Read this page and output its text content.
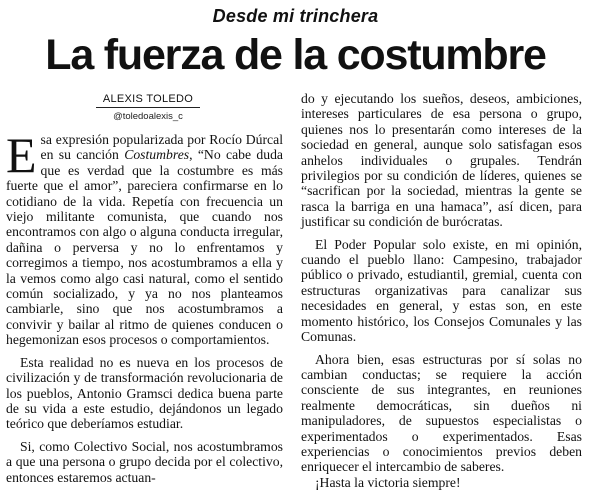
Desde mi trinchera
La fuerza de la costumbre
ALEXIS TOLEDO
@toledoalexis_c

Esa expresión popularizada por Rocío Dúrcal en su canción Costumbres, “No cabe duda que es verdad que la costumbre es más fuerte que el amor”, pareciera confirmarse en lo cotidiano de la vida. Repetía con frecuencia un viejo militante comunista, que cuando nos encontramos con algo o alguna conducta irregular, dañina o perversa y no lo enfrentamos y corregimos a tiempo, nos acostumbramos a ella y la vemos como algo casi natural, como el sentido común socializado, y ya no nos planteamos cambiarle, sino que nos acostumbramos a convivir y bailar al ritmo de quienes conducen o hegemonizan esos procesos o comportamientos.

Esta realidad no es nueva en los procesos de civilización y de transformación revolucionaria de los pueblos, Antonio Gramsci dedica buena parte de su vida a este estudio, dejándonos un legado teórico que deberíamos estudiar.

Si, como Colectivo Social, nos acostumbramos a que una persona o grupo decida por el colectivo, entonces estaremos actuan-

do y ejecutando los sueños, deseos, ambiciones, intereses particulares de esa persona o grupo, quienes nos lo presentarán como intereses de la sociedad en general, aunque solo satisfagan esos anhelos individuales o grupales. Tendrán privilegios por su condición de líderes, quienes se “sacrifican por la sociedad, mientras la gente se rasca la barriga en una hamaca”, así dicen, para justificar su condición de burócratas.

El Poder Popular solo existe, en mi opinión, cuando el pueblo llano: Campesino, trabajador público o privado, estudiantil, gremial, cuenta con estructuras organizativas para canalizar sus necesidades en general, y estas son, en este momento histórico, los Consejos Comunales y las Comunas.

Ahora bien, esas estructuras por sí solas no cambian conductas; se requiere la acción consciente de sus integrantes, en reuniones realmente democráticas, sin dueños ni manipuladores, de supuestos especialistas o experimentados o experimentados. Esas experiencias o conocimientos previos deben enriquecer el intercambio de saberes.

¡Hasta la victoria siempre!
